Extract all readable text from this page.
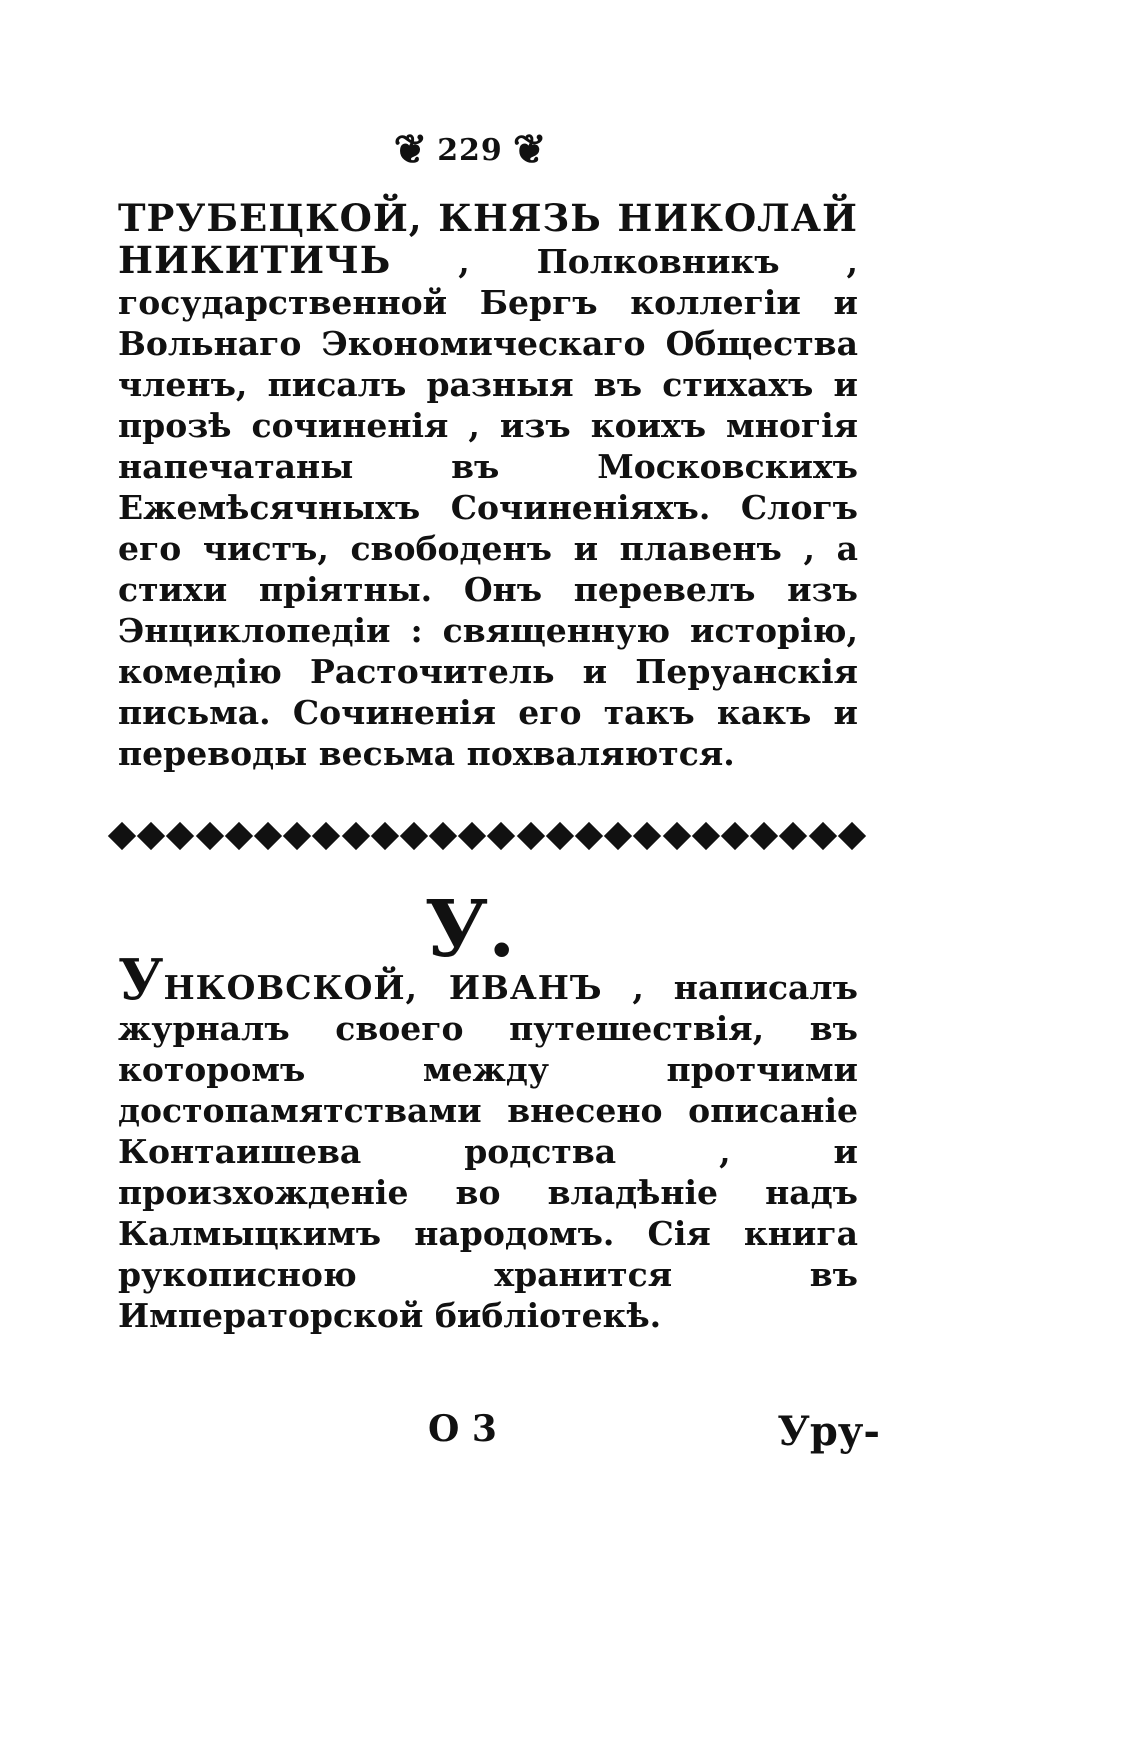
❦ 229 ❦

ТРУБЕЦКОЙ, КНЯЗЬ НИКОЛАЙ НИКИТИЧЬ , Полковникъ , государственной Бергъ коллегіи и Вольнаго Экономическаго Общества членъ, писалъ разныя въ стихахъ и прозѣ сочиненія , изъ коихъ многія напечатаны въ Московскихъ Ежемѣсячныхъ Сочиненіяхъ. Слогъ его чистъ, свободенъ и плавенъ , а стихи пріятны. Онъ перевелъ изъ Энциклопедіи : священную исторію, комедію Расточитель и Перуанскія письма. Сочиненія его такъ какъ и переводы весьма похваляются.

У.

УНКОВСКОЙ, ИВАНЪ , написалъ журналъ своего путешествія, въ которомъ между протчими достопамятствами внесено описаніе Контаишева родства , и произхожденіе во владѣніе надъ Калмыцкимъ народомъ. Сія книга рукописною хранится въ Императорской библіотекѣ.

О 3	Уру-
